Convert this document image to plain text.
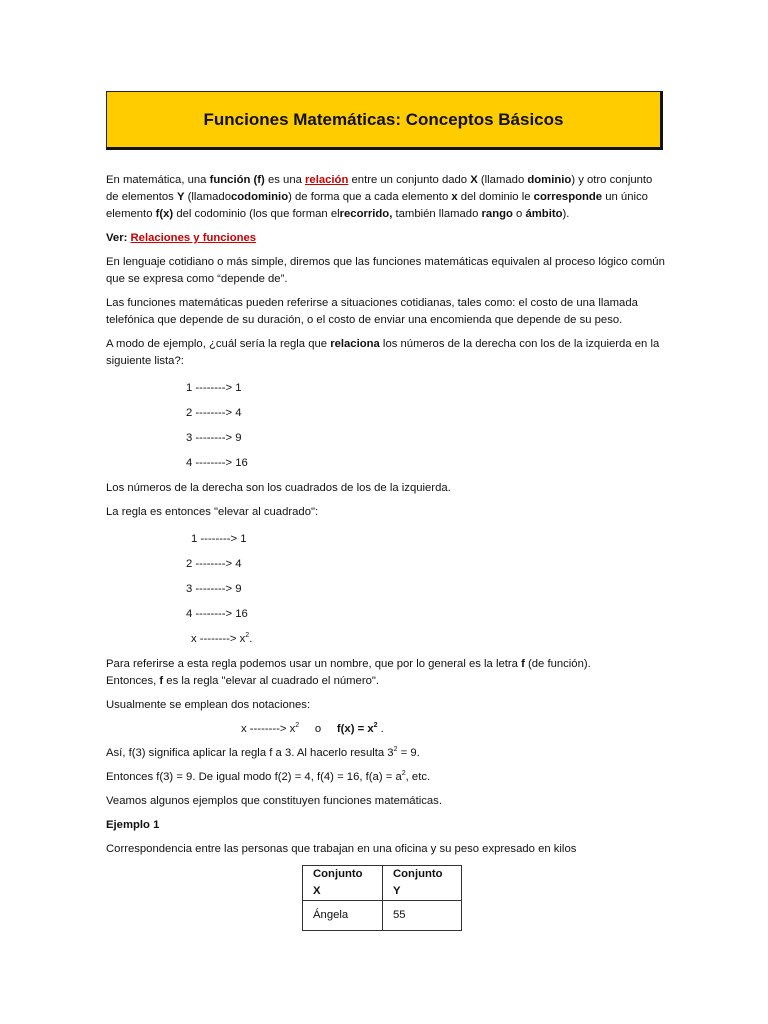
Funciones Matemáticas: Conceptos Básicos

En matemática, una función (f) es una relación entre un conjunto dado X (llamado dominio) y otro conjunto de elementos Y (llamadocodominio) de forma que a cada elemento x del dominio le corresponde un único elemento f(x) del codominio (los que forman elrecorrido, también llamado rango o ámbito).

Ver: Relaciones y funciones

En lenguaje cotidiano o más simple, diremos que las funciones matemáticas equivalen al proceso lógico común que se expresa como “depende de”.

Las funciones matemáticas pueden referirse a situaciones cotidianas, tales como: el costo de una llamada telefónica que depende de su duración, o el costo de enviar una encomienda que depende de su peso.

A modo de ejemplo, ¿cuál sería la regla que relaciona los números de la derecha con los de la izquierda en la siguiente lista?:

1 --------> 1
2 --------> 4
3 --------> 9
4 --------> 16

Los números de la derecha son los cuadrados de los de la izquierda.

La regla es entonces "elevar al cuadrado":

1 --------> 1
2 --------> 4
3 --------> 9
4 --------> 16
x --------> $x^2$.

Para referirse a esta regla podemos usar un nombre, que por lo general es la letra f (de función).
Entonces, f es la regla "elevar al cuadrado el número".

Usualmente se emplean dos notaciones:

x --------> $x^2$ o $f(x) = x^2$ .

Así, f(3) significa aplicar la regla f a 3. Al hacerlo resulta $3^2 = 9$.

Entonces f(3) = 9. De igual modo f(2) = 4, f(4) = 16, $f(a) = a^2$, etc.

Veamos algunos ejemplos que constituyen funciones matemáticas.

Ejemplo 1

Correspondencia entre las personas que trabajan en una oficina y su peso expresado en kilos

Conjunto X	Conjunto Y
Ángela	55
